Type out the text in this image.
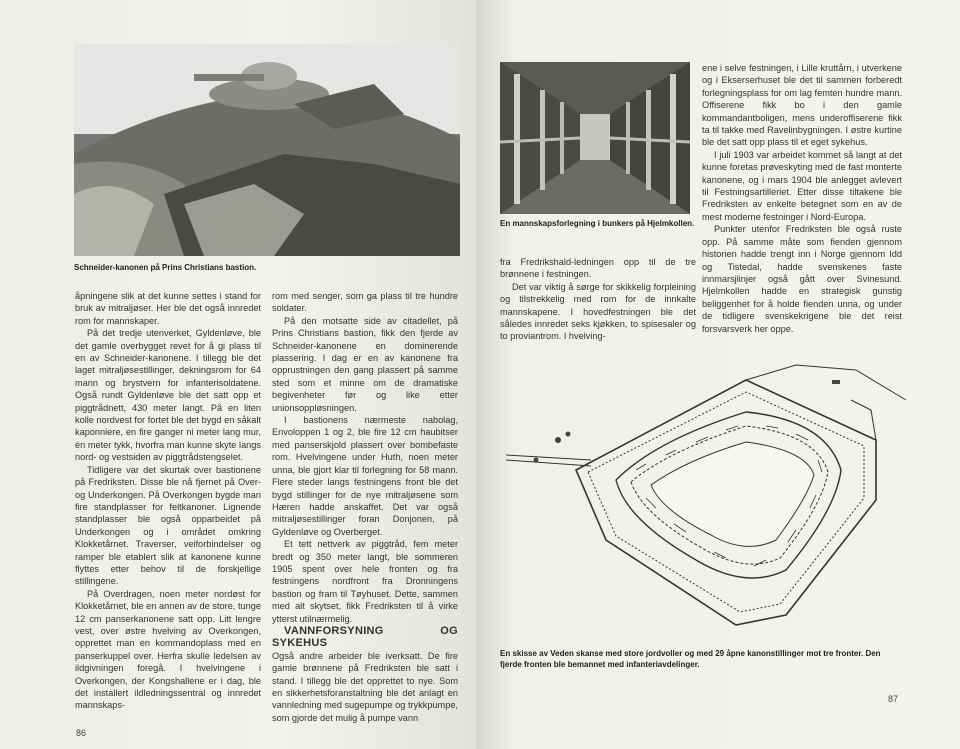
Schneider-kanonen på Prins Christians bastion.

åpningene slik at det kunne settes i stand for bruk av mitraljøser. Her ble det også innredet rom for mannskaper.

På det tredje utenverket, Gyldenløve, ble det gamle overbygget revet for å gi plass til en av Schneider-kanonene. I tillegg ble det laget mitraljøsestillinger, dekningsrom for 64 mann og brystvern for infanterisoldatene. Også rundt Gyldenløve ble det satt opp et piggtrådnett, 430 meter langt. På en liten kolle nordvest for fortet ble det bygd en såkalt kaponniere, en fire ganger ni meter lang mur, én meter tykk, hvorfra man kunne skyte langs nord- og vestsiden av piggtrådstengselet.

Tidligere var det skurtak over bastionene på Fredriksten. Disse ble nå fjernet på Over- og Underkongen. På Overkongen bygde man fire standplasser for feltkanoner. Lignende standplasser ble også opparbeidet på Underkongen og i området omkring Klokketårnet. Traverser, veiforbindelser og ramper ble etablert slik at kanonene kunne flyttes etter behov til de forskjellige stillingene.

På Overdragen, noen meter nordøst for Klokketårnet, ble en annen av de store, tunge 12 cm panserkanonene satt opp. Litt lengre vest, over østre hvelving av Overkongen, opprettet man en kommandoplass med en panserkuppel over. Herfra skulle ledelsen av ildgivningen foregå. I hvelvingene i Overkongen, der Kongshallene er i dag, ble det installert ildledningssentral og innredet mannskaps-

rom med senger, som ga plass til tre hundre soldater.

På den motsatte side av citadellet, på Prins Christians bastion, fikk den fjerde av Schneider-kanonene en dominerende plassering. I dag er en av kanonene fra opprustningen den gang plassert på samme sted som et minne om de dramatiske begivenheter før og like etter unionsoppløsningen.

I bastionens nærmeste nabolag, Envoloppen 1 og 2, ble fire 12 cm haubitser med panserskjold plassert over bombefaste rom. Hvelvingene under Huth, noen meter unna, ble gjort klar til forlegning for 58 mann. Flere steder langs festningens front ble det bygd stillinger for de nye mitraljøsene som Hæren hadde anskaffet. Det var også mitraljøsestillinger foran Donjonen, på Gyldenløve og Overberget.

Et tett nettverk av piggtråd, fem meter bredt og 350 meter langt, ble sommeren 1905 spent over hele fronten og fra festningens nordfront fra Dronningens bastion og fram til Tøyhuset. Dette, sammen med alt skytset, fikk Fredriksten til å virke ytterst utilnærmelig.

VANNFORSYNING OG SYKEHUS

Også andre arbeider ble iverksatt. De fire gamle brønnene på Fredriksten ble satt i stand. I tillegg ble det opprettet to nye. Som en sikkerhetsforanstaltning ble det anlagt en vannledning med sugepumpe og trykkpumpe, som gjorde det mulig å pumpe vann

86
En mannskapsforlegning i bunkers på Hjelmkollen.

fra Fredrikshald-ledningen opp til de tre brønnene i festningen.

Det var viktig å sørge for skikkelig forpleining og tilstrekkelig med rom for de innkalte mannskapene. I hovedfestningen ble det således innredet seks kjøkken, to spisesaler og to proviantrom. I hvelving-

ene i selve festningen, i Lille kruttårn, i utverkene og i Ekserserhuset ble det til sammen forberedt forlegningsplass for om lag femten hundre mann. Offiserene fikk bo i den gamle kommandantboligen, mens underoffiserene fikk ta til takke med Ravelinbygningen. I østre kurtine ble det satt opp plass til et eget sykehus.

I juli 1903 var arbeidet kommet så langt at det kunne foretas prøveskyting med de fast monterte kanonene, og i mars 1904 ble anlegget avlevert til Festningsartilleriet. Etter disse tiltakene ble Fredriksten av enkelte betegnet som en av de mest moderne festninger i Nord-Europa.

Punkter utenfor Fredriksten ble også ruste opp. På samme måte som fienden gjennom historien hadde trengt inn i Norge gjennom Idd og Tistedal, hadde svenskenes faste innmarsjlinjer også gått over Svinesund. Hjelmkollen hadde en strategisk gunstig beliggenhet for å holde fienden unna, og under de tidligere svenskekrigene ble det reist forsvarsverk her oppe.

En skisse av Veden skanse med store jordvoller og med 29 åpne kanonstillinger mot tre fronter. Den fjerde fronten ble bemannet med infanteriavdelinger.
87
